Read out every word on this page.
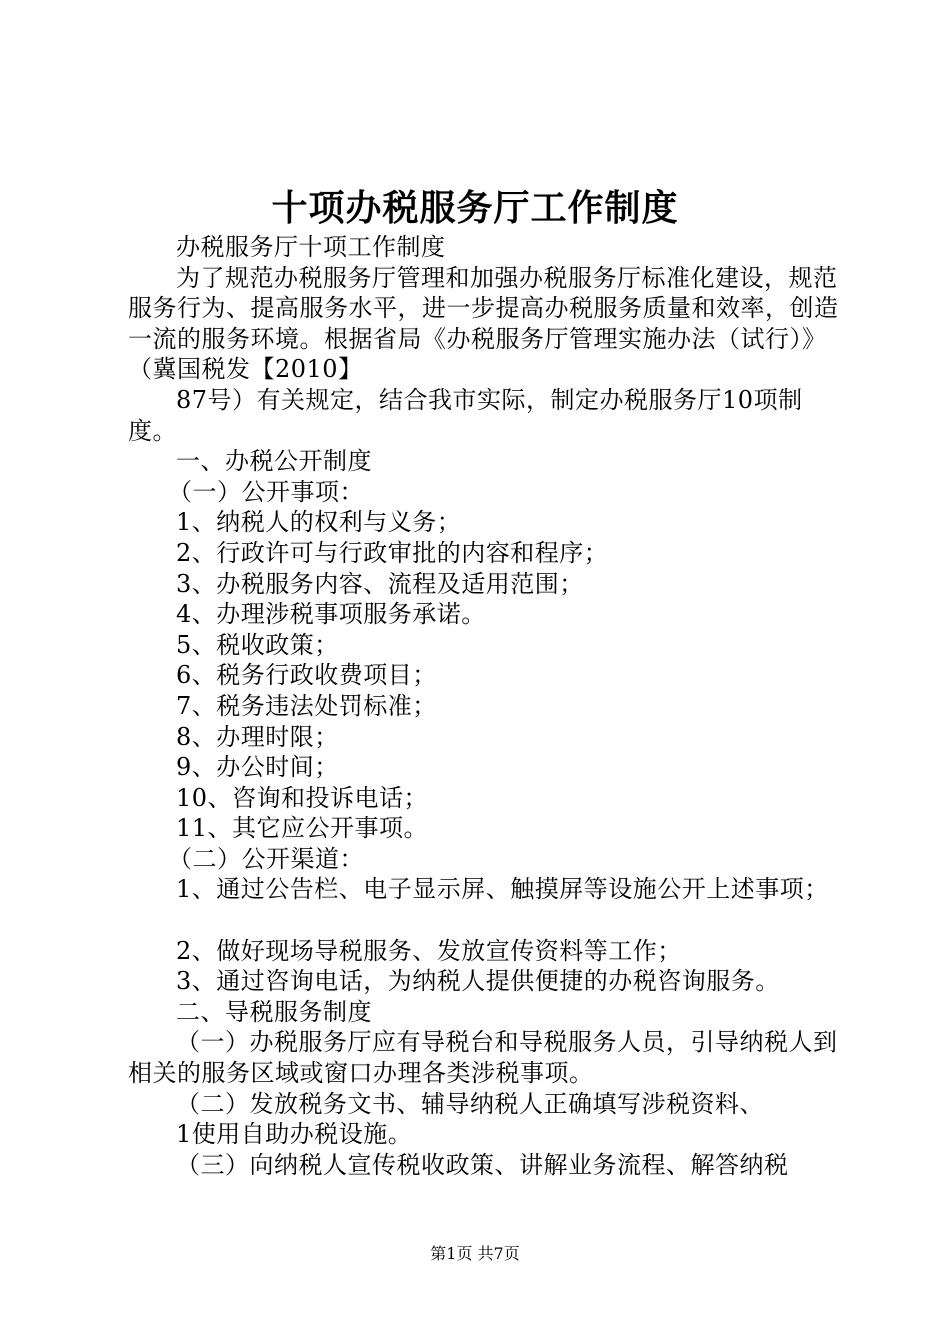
十项办税服务厅工作制度

办税服务厅十项工作制度

为了规范办税服务厅管理和加强办税服务厅标准化建设，规范服务行为、提高服务水平，进一步提高办税服务质量和效率，创造一流的服务环境。根据省局《办税服务厅管理实施办法（试行）》（冀国税发【2010】

87号）有关规定，结合我市实际，制定办税服务厅10项制度。

一、办税公开制度

（一）公开事项：

1、纳税人的权利与义务；

2、行政许可与行政审批的内容和程序；

3、办税服务内容、流程及适用范围；

4、办理涉税事项服务承诺。

5、税收政策；

6、税务行政收费项目；

7、税务违法处罚标准；

8、办理时限；

9、办公时间；

10、咨询和投诉电话；

11、其它应公开事项。

（二）公开渠道：

1、通过公告栏、电子显示屏、触摸屏等设施公开上述事项；

2、做好现场导税服务、发放宣传资料等工作；

3、通过咨询电话，为纳税人提供便捷的办税咨询服务。

二、导税服务制度

（一）办税服务厅应有导税台和导税服务人员，引导纳税人到相关的服务区域或窗口办理各类涉税事项。

（二）发放税务文书、辅导纳税人正确填写涉税资料、

1使用自助办税设施。

（三）向纳税人宣传税收政策、讲解业务流程、解答纳税

第1页 共7页
